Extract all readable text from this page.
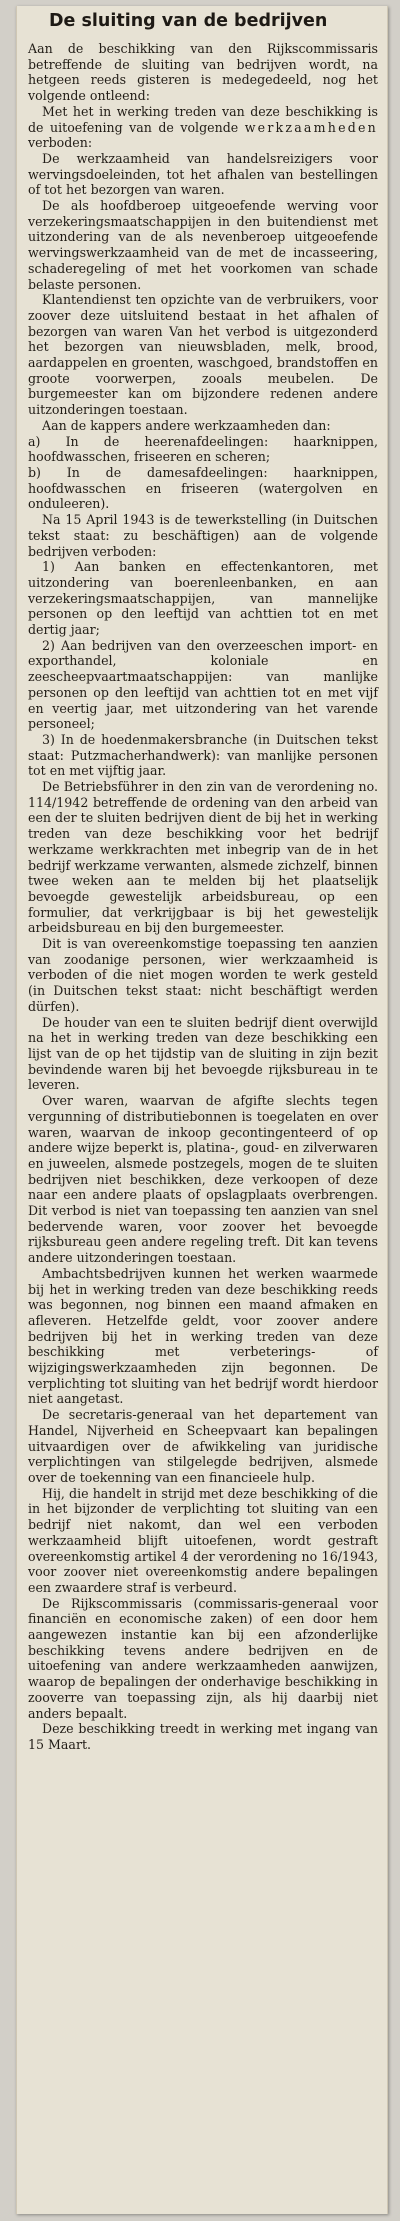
De sluiting van de bedrijven

Aan de beschikking van den Rijkscommissaris betreffende de sluiting van bedrijven wordt, na hetgeen reeds gisteren is medegedeeld, nog het volgende ontleend:

Met het in werking treden van deze beschikking is de uitoefening van de volgende werkzaamheden verboden:

De werkzaamheid van handelsreizigers voor wervingsdoeleinden, tot het afhalen van bestellingen of tot het bezorgen van waren.

De als hoofdberoep uitgeoefende werving voor verzekeringsmaatschappijen in den buitendienst met uitzondering van de als nevenberoep uitgeoefende wervingswerkzaamheid van de met de incasseering, schaderegeling of met het voorkomen van schade belaste personen.

Klantendienst ten opzichte van de verbruikers, voor zoover deze uitsluitend bestaat in het afhalen of bezorgen van waren Van het verbod is uitgezonderd het bezorgen van nieuwsbladen, melk, brood, aardappelen en groenten, waschgoed, brandstoffen en groote voorwerpen, zooals meubelen. De burgemeester kan om bijzondere redenen andere uitzonderingen toestaan.

Aan de kappers andere werkzaamheden dan:

a) In de heerenafdeelingen: haarknippen, hoofdwasschen, friseeren en scheren;

b) In de damesafdeelingen: haarknippen, hoofdwasschen en friseeren (watergolven en onduleeren).

Na 15 April 1943 is de tewerkstelling (in Duitschen tekst staat: zu beschäftigen) aan de volgende bedrijven verboden:

1) Aan banken en effectenkantoren, met uitzondering van boerenleenbanken, en aan verzekeringsmaatschappijen, van mannelijke personen op den leeftijd van achttien tot en met dertig jaar;

2) Aan bedrijven van den overzeeschen import- en exporthandel, koloniale en zeescheepvaartmaatschappijen: van manlijke personen op den leeftijd van achttien tot en met vijf en veertig jaar, met uitzondering van het varende personeel;

3) In de hoedenmakersbranche (in Duitschen tekst staat: Putzmacherhandwerk): van manlijke personen tot en met vijftig jaar.

De Betriebsführer in den zin van de verordening no. 114/1942 betreffende de ordening van den arbeid van een der te sluiten bedrijven dient de bij het in werking treden van deze beschikking voor het bedrijf werkzame werkkrachten met inbegrip van de in het bedrijf werkzame verwanten, alsmede zichzelf, binnen twee weken aan te melden bij het plaatselijk bevoegde gewestelijk arbeidsbureau, op een formulier, dat verkrijgbaar is bij het gewestelijk arbeidsbureau en bij den burgemeester.

Dit is van overeenkomstige toepassing ten aanzien van zoodanige personen, wier werkzaamheid is verboden of die niet mogen worden te werk gesteld (in Duitschen tekst staat: nicht beschäftigt werden dürfen).

De houder van een te sluiten bedrijf dient overwijld na het in werking treden van deze beschikking een lijst van de op het tijdstip van de sluiting in zijn bezit bevindende waren bij het bevoegde rijksbureau in te leveren.

Over waren, waarvan de afgifte slechts tegen vergunning of distributiebonnen is toegelaten en over waren, waarvan de inkoop gecontingenteerd of op andere wijze beperkt is, platina-, goud- en zilverwaren en juweelen, alsmede postzegels, mogen de te sluiten bedrijven niet beschikken, deze verkoopen of deze naar een andere plaats of opslagplaats overbrengen. Dit verbod is niet van toepassing ten aanzien van snel bedervende waren, voor zoover het bevoegde rijksbureau geen andere regeling treft. Dit kan tevens andere uitzonderingen toestaan.

Ambachtsbedrijven kunnen het werken waarmede bij het in werking treden van deze beschikking reeds was begonnen, nog binnen een maand afmaken en afleveren. Hetzelfde geldt, voor zoover andere bedrijven bij het in werking treden van deze beschikking met verbeterings- of wijzigingswerkzaamheden zijn begonnen. De verplichting tot sluiting van het bedrijf wordt hierdoor niet aangetast.

De secretaris-generaal van het departement van Handel, Nijverheid en Scheepvaart kan bepalingen uitvaardigen over de afwikkeling van juridische verplichtingen van stilgelegde bedrijven, alsmede over de toekenning van een financieele hulp.

Hij, die handelt in strijd met deze beschikking of die in het bijzonder de verplichting tot sluiting van een bedrijf niet nakomt, dan wel een verboden werkzaamheid blijft uitoefenen, wordt gestraft overeenkomstig artikel 4 der verordening no 16/1943, voor zoover niet overeenkomstig andere bepalingen een zwaardere straf is verbeurd.

De Rijkscommissaris (commissaris-generaal voor financiën en economische zaken) of een door hem aangewezen instantie kan bij een afzonderlijke beschikking tevens andere bedrijven en de uitoefening van andere werkzaamheden aanwijzen, waarop de bepalingen der onderhavige beschikking in zooverre van toepassing zijn, als hij daarbij niet anders bepaalt.

Deze beschikking treedt in werking met ingang van 15 Maart.
